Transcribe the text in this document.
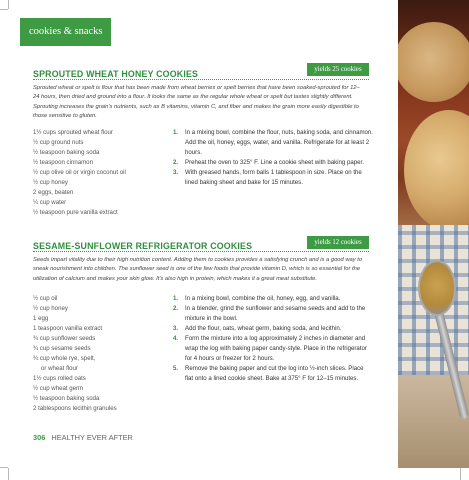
cookies & snacks
yields 25 cookies
SPROUTED WHEAT HONEY COOKIES

Sprouted wheat or spelt is flour that has been made from wheat berries or spelt berries that have been soaked-sprouted for 12–24 hours, then dried and ground into a flour. It looks the same as the regular whole wheat or spelt but tastes slightly different. Sprouting increases the grain's nutrients, such as B vitamins, vitamin C, and fiber and makes the grain more easily digestible to those sensitive to gluten.

1½ cups sprouted wheat flour
½ cup ground nuts
½ teaspoon baking soda
½ teaspoon cinnamon
½ cup olive oil or virgin coconut oil
½ cup honey
2 eggs, beaten
¼ cup water
½ teaspoon pure vanilla extract
1. In a mixing bowl, combine the flour, nuts, baking soda, and cinnamon. Add the oil, honey, eggs, water, and vanilla. Refrigerate for at least 2 hours.
2. Preheat the oven to 325° F. Line a cookie sheet with baking paper.
3. With greased hands, form balls 1 tablespoon in size. Place on the lined baking sheet and bake for 15 minutes.
yields 12 cookies
SESAME-SUNFLOWER REFRIGERATOR COOKIES

Seeds impart vitality due to their high nutrition content. Adding them to cookies provides a satisfying crunch and is a good way to sneak nourishment into children. The sunflower seed is one of the few foods that provide vitamin D, which is so essential for the utilization of calcium and makes your skin glow. It's also high in protein, which makes it a great meat substitute.

½ cup oil
½ cup honey
1 egg
1 teaspoon vanilla extract
¾ cup sunflower seeds
¾ cup sesame seeds
¾ cup whole rye, spelt,
or wheat flour
1½ cups rolled oats
½ cup wheat germ
½ teaspoon baking soda
2 tablespoons lecithin granules
1. In a mixing bowl, combine the oil, honey, egg, and vanilla.
2. In a blender, grind the sunflower and sesame seeds and add to the mixture in the bowl.
3. Add the flour, oats, wheat germ, baking soda, and lecithin.
4. Form the mixture into a log approximately 2 inches in diameter and wrap the log with baking paper candy-style. Place in the refrigerator for 4 hours or freezer for 2 hours.
5. Remove the baking paper and cut the log into ½-inch slices. Place flat onto a lined cookie sheet. Bake at 375° F for 12–15 minutes.
306 HEALTHY EVER AFTER
